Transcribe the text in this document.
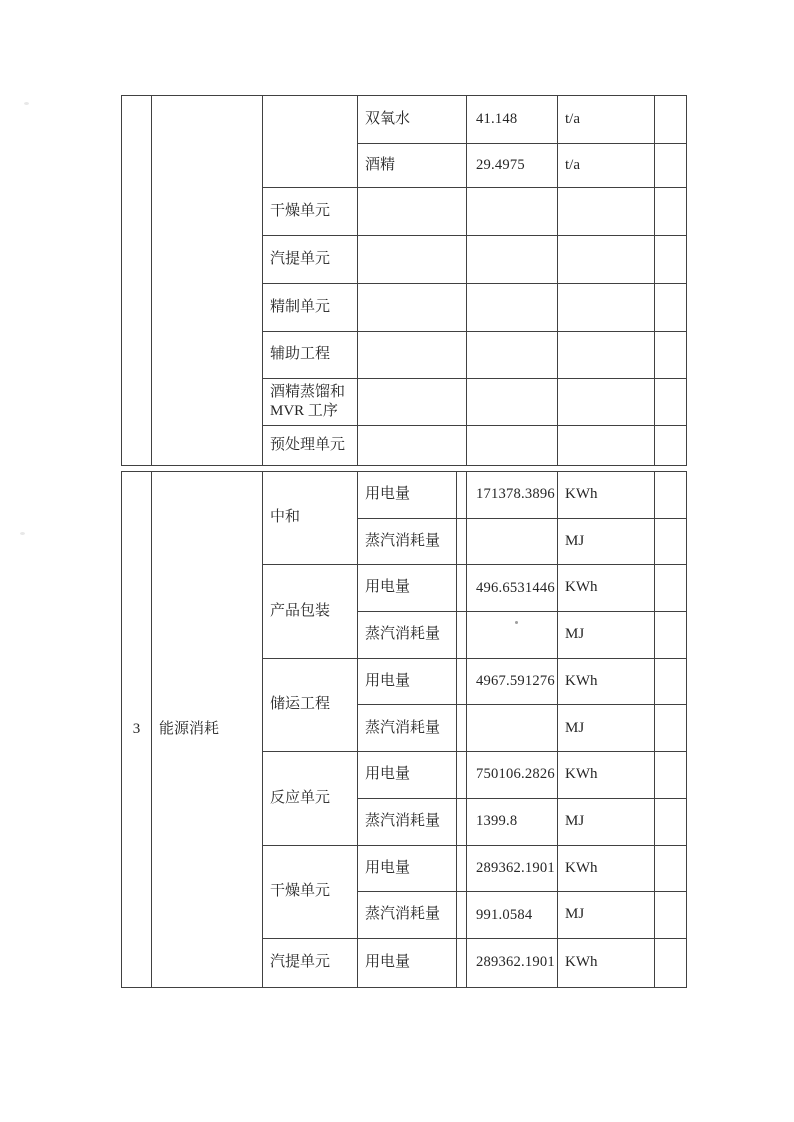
			双氧水	41.148	t/a	
			酒精	29.4975	t/a	
		干燥单元				
		汽提单元				
		精制单元				
		辅助工程				

		酒精蒸馏和
MVR 工序				

		预处理单元				
3	能源消耗	中和	用电量		171378.3896	KWh	
			蒸汽消耗量			MJ	
		产品包装	用电量		496.6531446	KWh	
			蒸汽消耗量			MJ	
		储运工程	用电量		4967.591276	KWh	
			蒸汽消耗量			MJ	
		反应单元	用电量		750106.2826	KWh	
			蒸汽消耗量		1399.8	MJ	
		干燥单元	用电量		289362.1901	KWh	
			蒸汽消耗量		991.0584	MJ	
		汽提单元	用电量		289362.1901	KWh	
